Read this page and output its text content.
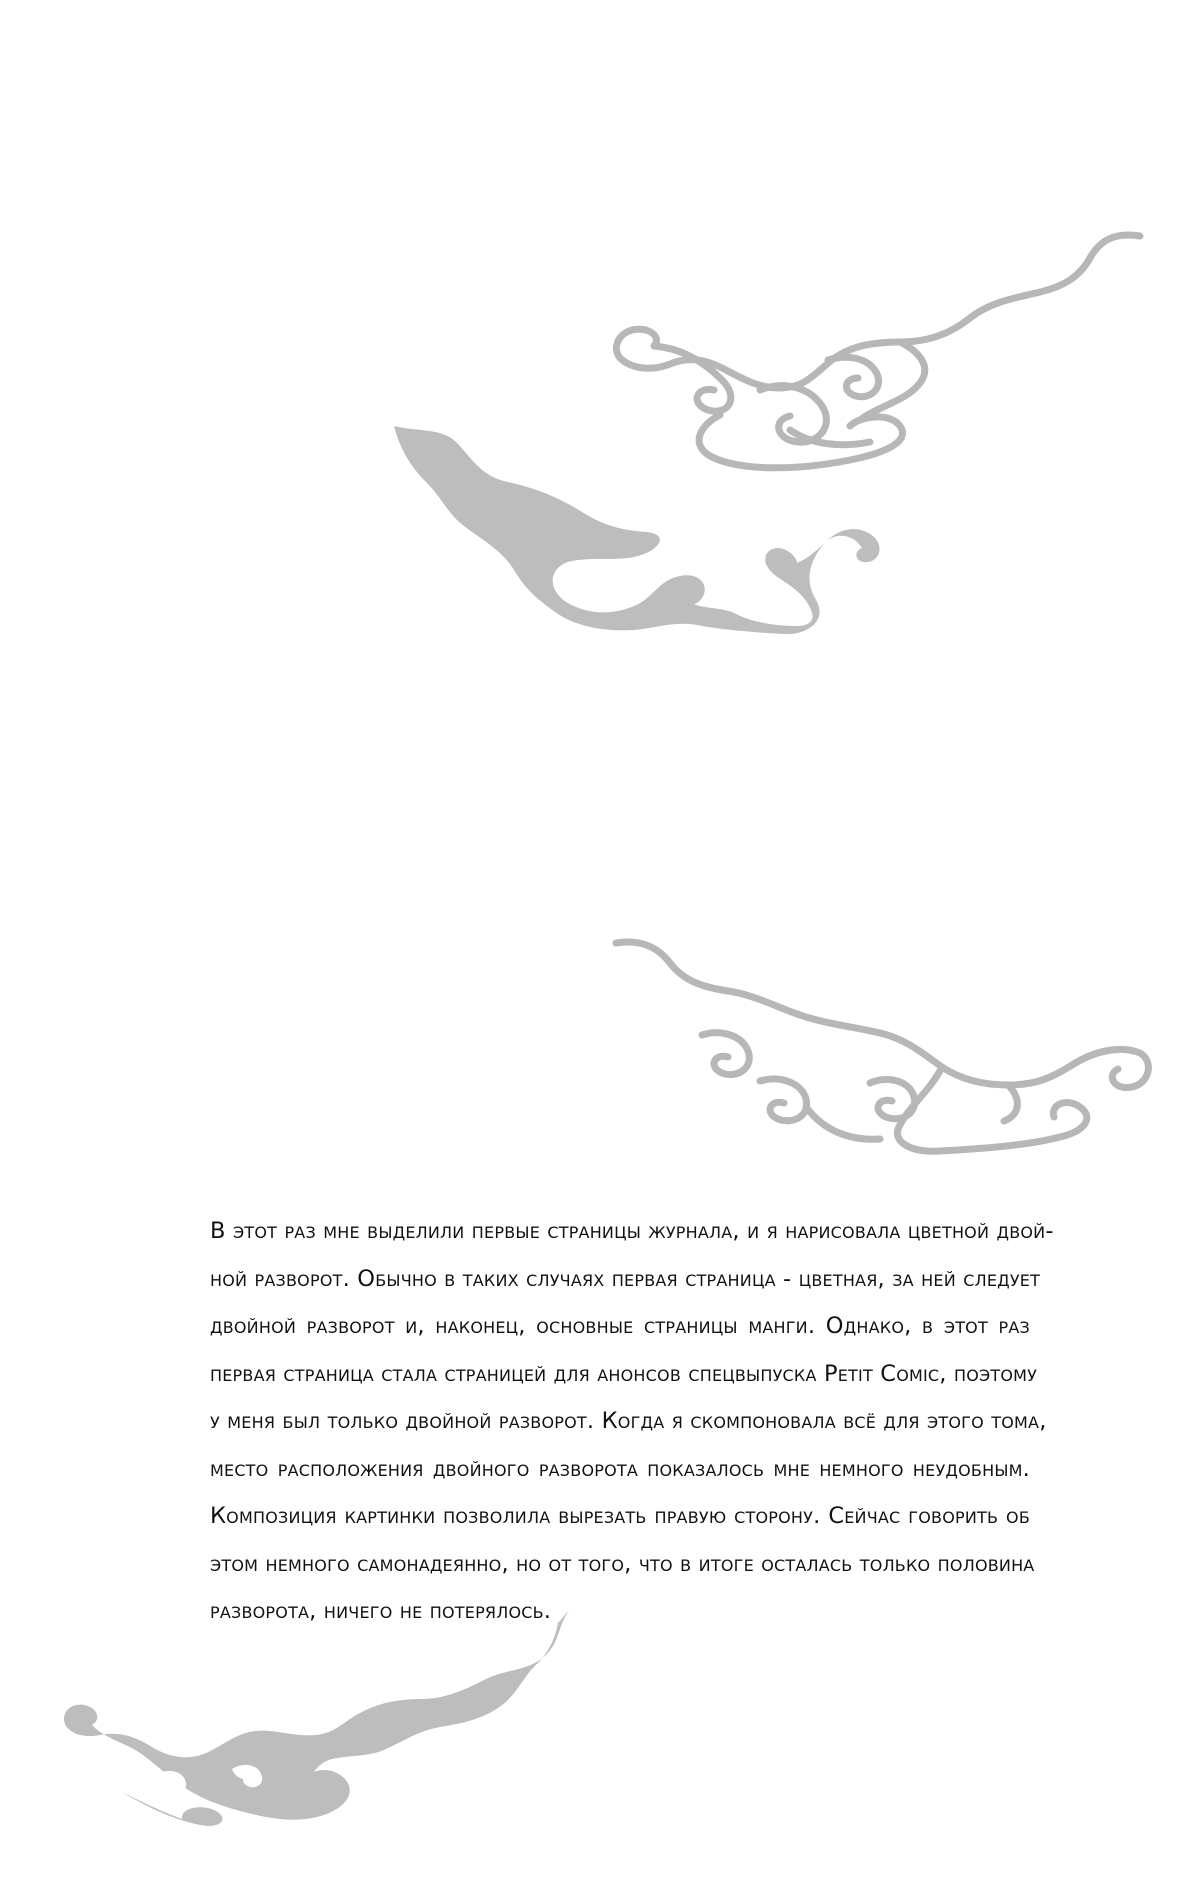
В этот раз мне выделили первые страницы журнала, и я нарисовала цветной двой-
ной разворот. Обычно в таких случаях первая страница - цветная, за ней следует
двойной разворот и, наконец, основные страницы манги. Однако, в этот раз
первая страница стала страницей для анонсов спецвыпуска Petit Comic, поэтому
у меня был только двойной разворот. Когда я скомпоновала всё для этого тома,
место расположения двойного разворота показалось мне немного неудобным.
Композиция картинки позволила вырезать правую сторону. Сейчас говорить об
этом немного самонадеянно, но от того, что в итоге осталась только половина
разворота, ничего не потерялось.
